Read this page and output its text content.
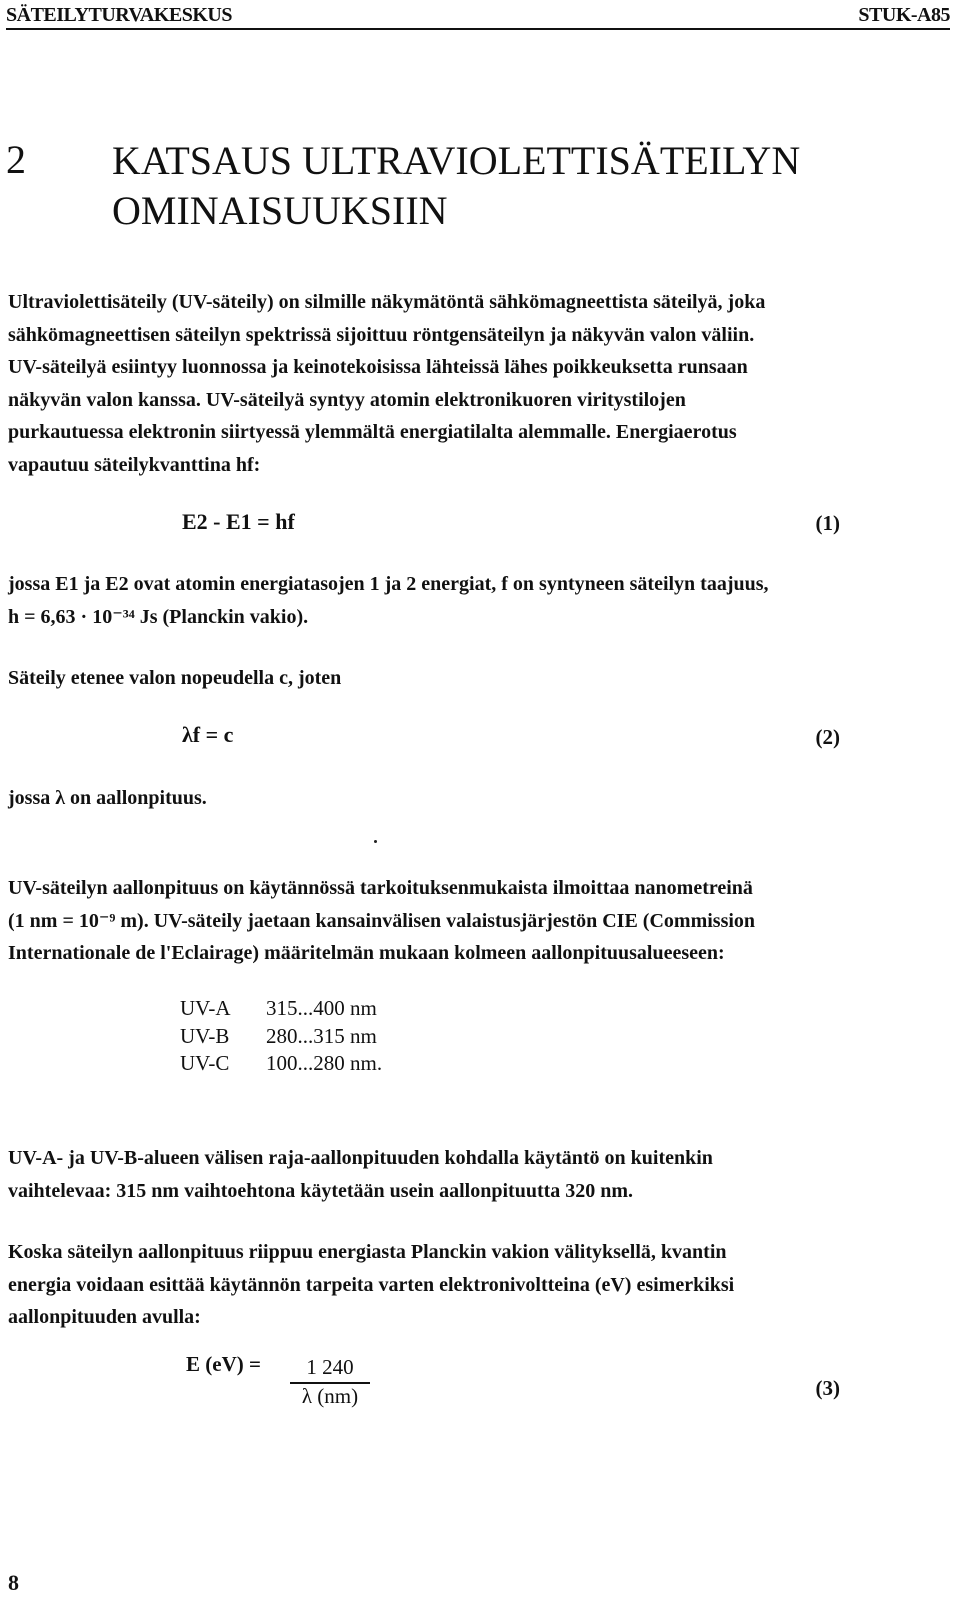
SÄTEILYTURVAKESKUS	STUK-A85
2 KATSAUS ULTRAVIOLETTISÄTEILYN
OMINAISUUKSIIN
Ultraviolettisäteily (UV-säteily) on silmille näkymätöntä sähkömagneettista säteilyä, joka
sähkömagneettisen säteilyn spektrissä sijoittuu röntgensäteilyn ja näkyvän valon väliin.
UV-säteilyä esiintyy luonnossa ja keinotekoisissa lähteissä lähes poikkeuksetta runsaan
näkyvän valon kanssa. UV-säteilyä syntyy atomin elektronikuoren viritystilojen
purkautuessa elektronin siirtyessä ylemmältä energiatilalta alemmalle. Energiaerotus
vapautuu säteilykvanttina hf:
E2 - E1 = hf	(1)
jossa E1 ja E2 ovat atomin energiatasojen 1 ja 2 energiat, f on syntyneen säteilyn taajuus,
h = 6,63 · 10⁻³⁴ Js (Planckin vakio).
Säteily etenee valon nopeudella c, joten
λf = c	(2)
jossa λ on aallonpituus.
UV-säteilyn aallonpituus on käytännössä tarkoituksenmukaista ilmoittaa nanometreinä
(1 nm = 10⁻⁹ m). UV-säteily jaetaan kansainvälisen valaistusjärjestön CIE (Commission
Internationale de l'Eclairage) määritelmän mukaan kolmeen aallonpituusalueeseen:
UV-A	315...400 nm
UV-B	280...315 nm
UV-C	100...280 nm.
UV-A- ja UV-B-alueen välisen raja-aallonpituuden kohdalla käytäntö on kuitenkin
vaihtelevaa: 315 nm vaihtoehtona käytetään usein aallonpituutta 320 nm.
Koska säteilyn aallonpituus riippuu energiasta Planckin vakion välityksellä, kvantin
energia voidaan esittää käytännön tarpeita varten elektronivoltteina (eV) esimerkiksi
aallonpituuden avulla:
E $(eV) = \frac{1 240}{\lambda (nm)}$	(3)
8
